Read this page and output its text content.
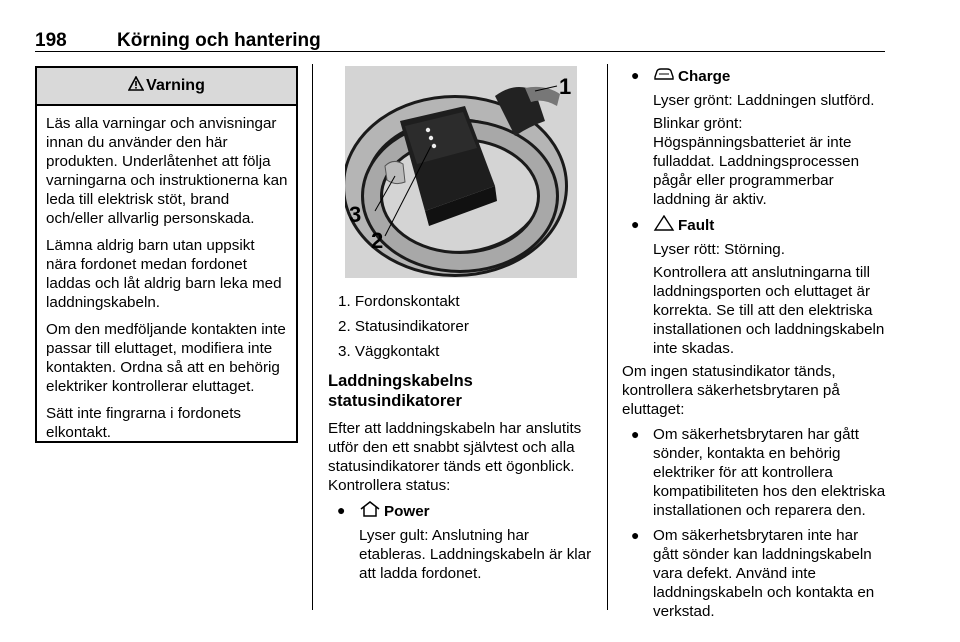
198	Körning och hantering
Varning

Läs alla varningar och anvisningar innan du använder den här produkten. Underlåtenhet att följa varningarna och instruktionerna kan leda till elektrisk stöt, brand och/eller allvarlig personskada.

Lämna aldrig barn utan uppsikt nära fordonet medan fordonet laddas och låt aldrig barn leka med laddningskabeln.

Om den medföljande kontakten inte passar till eluttaget, modifiera inte kontakten. Ordna så att en behörig elektriker kontrollerar eluttaget.

Sätt inte fingrarna i fordonets elkontakt.

1
2
3
1. Fordonskontakt
2. Statusindikatorer
3. Väggkontakt
Laddningskabelns
statusindikatorer

Efter att laddningskabeln har anslutits utför den ett snabbt självtest och alla statusindikatorer tänds ett ögonblick. Kontrollera status:

●	Power
Lyser gult: Anslutning har etableras. Laddningskabeln är klar att ladda fordonet.
●	Charge
Lyser grönt: Laddningen slutförd.
Blinkar grönt: Högspänningsbatteriet är inte fulladdat. Laddningsprocessen pågår eller programmerbar laddning är aktiv.
●	Fault
Lyser rött: Störning.
Kontrollera att anslutningarna till laddningsporten och eluttaget är korrekta. Se till att den elektriska installationen och laddningskabeln inte skadas.

Om ingen statusindikator tänds, kontrollera säkerhetsbrytaren på eluttaget:

● Om säkerhetsbrytaren har gått sönder, kontakta en behörig elektriker för att kontrollera kompatibiliteten hos den elektriska installationen och reparera den.
● Om säkerhetsbrytaren inte har gått sönder kan laddningskabeln vara defekt. Använd inte laddningskabeln och kontakta en verkstad.
